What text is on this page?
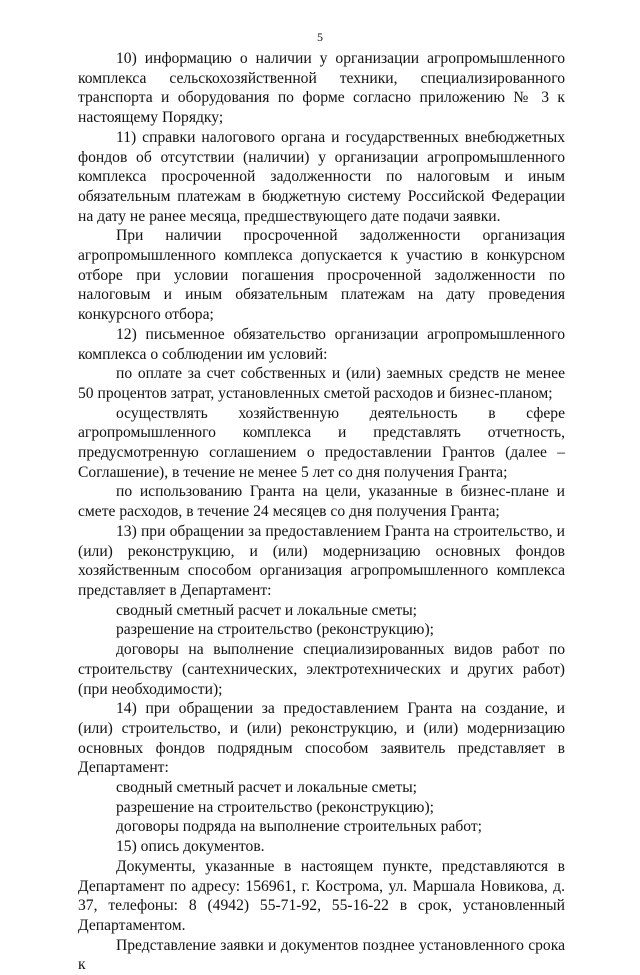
5

10) информацию о наличии у организации агропромышленного комплекса сельскохозяйственной техники, специализированного транспорта и оборудования по форме согласно приложению № 3 к настоящему Порядку;

11) справки налогового органа и государственных внебюджетных фондов об отсутствии (наличии) у организации агропромышленного комплекса просроченной задолженности по налоговым и иным обязательным платежам в бюджетную систему Российской Федерации на дату не ранее месяца, предшествующего дате подачи заявки.

При наличии просроченной задолженности организация агропромышленного комплекса допускается к участию в конкурсном отборе при условии погашения просроченной задолженности по налоговым и иным обязательным платежам на дату проведения конкурсного отбора;

12) письменное обязательство организации агропромышленного комплекса о соблюдении им условий:

по оплате за счет собственных и (или) заемных средств не менее 50 процентов затрат, установленных сметой расходов и бизнес-планом;

осуществлять хозяйственную деятельность в сфере агропромышленного комплекса и представлять отчетность, предусмотренную соглашением о предоставлении Грантов (далее – Соглашение), в течение не менее 5 лет со дня получения Гранта;

по использованию Гранта на цели, указанные в бизнес-плане и смете расходов, в течение 24 месяцев со дня получения Гранта;

13) при обращении за предоставлением Гранта на строительство, и (или) реконструкцию, и (или) модернизацию основных фондов хозяйственным способом организация агропромышленного комплекса представляет в Департамент:

сводный сметный расчет и локальные сметы;

разрешение на строительство (реконструкцию);

договоры на выполнение специализированных видов работ по строительству (сантехнических, электротехнических и других работ) (при необходимости);

14) при обращении за предоставлением Гранта на создание, и (или) строительство, и (или) реконструкцию, и (или) модернизацию основных фондов подрядным способом заявитель представляет в Департамент:

сводный сметный расчет и локальные сметы;

разрешение на строительство (реконструкцию);

договоры подряда на выполнение строительных работ;

15) опись документов.

Документы, указанные в настоящем пункте, представляются в Департамент по адресу: 156961, г. Кострома, ул. Маршала Новикова, д. 37, телефоны: 8 (4942) 55-71-92, 55-16-22 в срок, установленный Департаментом.

Представление заявки и документов позднее установленного срока к
